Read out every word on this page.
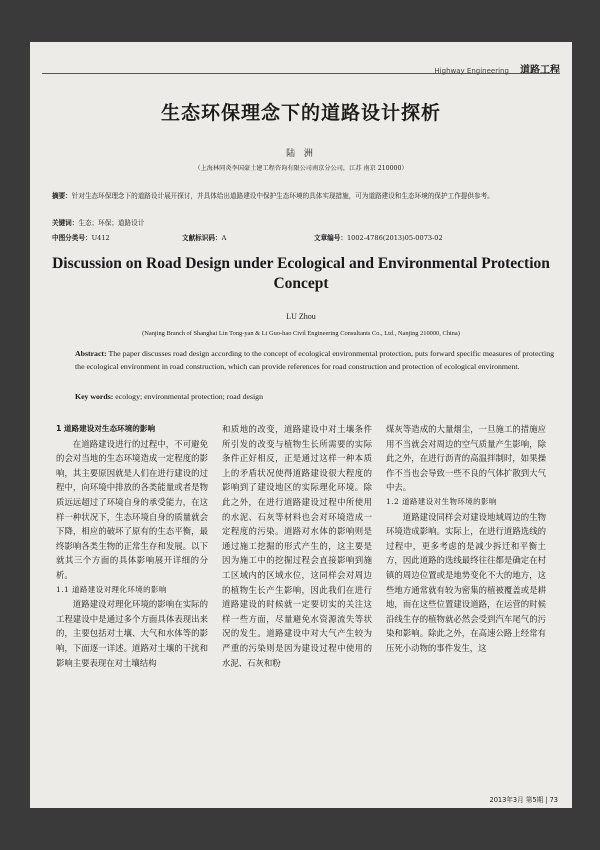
Highway Engineering 道路工程
生态环保理念下的道路设计探析
陆 洲
（上海林同炎李国豪土建工程咨询有限公司南京分公司，江苏 南京 210000）
摘要：针对生态环保理念下的道路设计展开探讨，并具体给出道路建设中保护生态环境的具体实现措施，可为道路建设和生态环境的保护工作提供参考。
关键词：生态；环保；道路设计
中图分类号：U412	文献标识码：A	文章编号：1002-4786(2013)05-0073-02
Discussion on Road Design under Ecological and Environmental Protection Concept
LU Zhou
(Nanjing Branch of Shanghai Lin Tong-yan & Li Guo-hao Civil Engineering Consultants Co., Ltd., Nanjing 210000, China)
Abstract: The paper discusses road design according to the concept of ecological environmental protection, puts forward specific measures of protecting the ecological environment in road construction, which can provide references for road construction and protection of ecological environment.
Key words: ecology; environmental protection; road design

1 道路建设对生态环境的影响

在道路建设进行的过程中，不可避免的会对当地的生态环境造成一定程度的影响，其主要原因就是人们在进行建设的过程中，向环境中排放的各类能量或者是物质远远超过了环境自身的承受能力，在这样一种状况下，生态环境自身的质量就会下降，相应的破坏了原有的生态平衡，最终影响各类生物的正常生存和发展。以下就其三个方面的具体影响展开详细的分析。

1.1 道路建设对理化环境的影响

道路建设对理化环境的影响在实际的工程建设中是通过多个方面具体表现出来的，主要包括对土壤、大气和水体等的影响，下面逐一详述。道路对土壤的干扰和影响主要表现在对土壤结构

和质地的改变，道路建设中对土壤条件所引发的改变与植物生长所需要的实际条件正好相反，正是通过这样一种本质上的矛盾状况使得道路建设很大程度的影响到了建设地区的实际理化环境。除此之外，在进行道路建设过程中所使用的水泥、石灰等材料也会对环境造成一定程度的污染。道路对水体的影响则是通过施工挖掘的形式产生的，这主要是因为施工中的挖掘过程会直接影响到施工区域内的区域水位，这同样会对周边的植物生长产生影响，因此我们在进行道路建设的时候就一定要切实的关注这样一些方面，尽量避免水资源流失等状况的发生。道路建设中对大气产生较为严重的污染则是因为建设过程中使用的水泥、石灰和粉

煤灰等造成的大量烟尘，一旦施工的措施应用不当就会对周边的空气质量产生影响，除此之外，在进行沥青的高温拌制时，如果操作不当也会导致一些不良的气体扩散到大气中去。

1.2 道路建设对生物环境的影响

道路建设同样会对建设地域周边的生物环境造成影响。实际上，在进行道路选线的过程中，更多考虑的是减少拆迁和平衡土方，因此道路的选线最终往往都是确定在村镇的周边位置或是地势变化不大的地方，这些地方通常就有较为密集的植被覆盖或是耕地，而在这些位置建设道路，在运营的时候沿线生存的植物就必然会受到汽车尾气的污染和影响。除此之外，在高速公路上经常有压死小动物的事件发生，这

2013年3月 第5期 | 73
